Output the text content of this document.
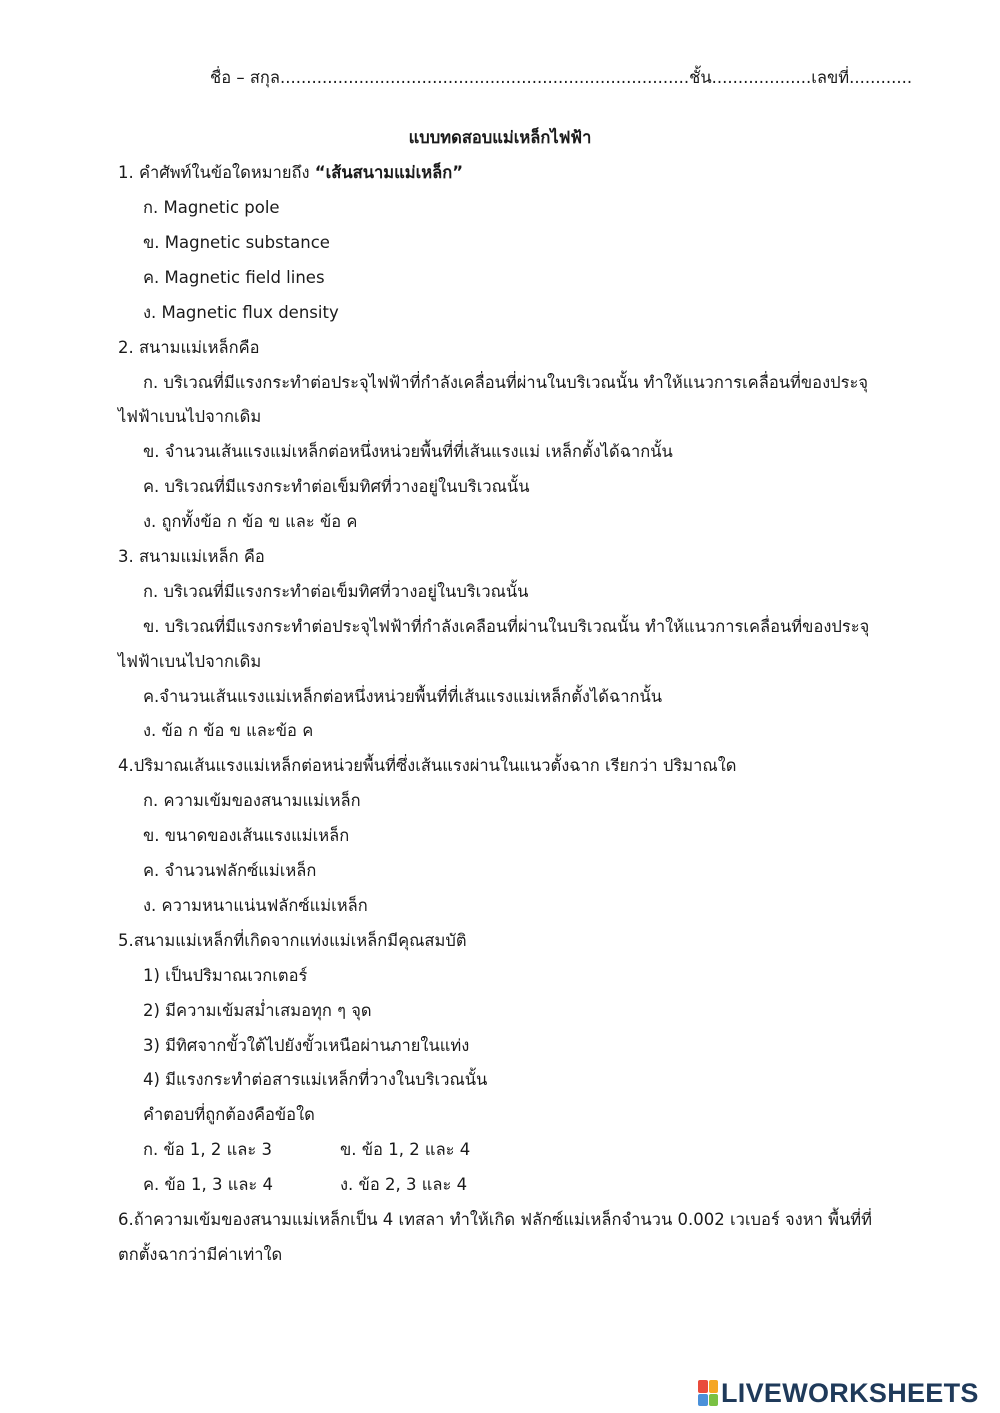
ชื่อ – สกุล..............................................................................ชั้น...................เลขที่............
แบบทดสอบแม่เหล็กไฟฟ้า
1. คำศัพท์ในข้อใดหมายถึง “เส้นสนามแม่เหล็ก”
ก. Magnetic pole
ข. Magnetic substance
ค. Magnetic field lines
ง. Magnetic flux density
2. สนามแม่เหล็กคือ
ก. บริเวณที่มีแรงกระทำต่อประจุไฟฟ้าที่กำลังเคลื่อนที่ผ่านในบริเวณนั้น ทำให้แนวการเคลื่อนที่ของประจุ
ไฟฟ้าเบนไปจากเดิม
ข. จำนวนเส้นแรงแม่เหล็กต่อหนึ่งหน่วยพื้นที่ที่เส้นแรงแม่ เหล็กตั้งได้ฉากนั้น
ค. บริเวณที่มีแรงกระทำต่อเข็มทิศที่วางอยู่ในบริเวณนั้น
ง. ถูกทั้งข้อ ก ข้อ ข และ ข้อ ค
3. สนามแม่เหล็ก คือ
ก. บริเวณที่มีแรงกระทำต่อเข็มทิศที่วางอยู่ในบริเวณนั้น
ข. บริเวณที่มีแรงกระทำต่อประจุไฟฟ้าที่กำลังเคลือนที่ผ่านในบริเวณนั้น ทำให้แนวการเคลื่อนที่ของประจุ
ไฟฟ้าเบนไปจากเดิม
ค.จำนวนเส้นแรงแม่เหล็กต่อหนึ่งหน่วยพื้นที่ที่เส้นแรงแม่เหล็กตั้งได้ฉากนั้น
ง. ข้อ ก ข้อ ข และข้อ ค
4.ปริมาณเส้นแรงแม่เหล็กต่อหน่วยพื้นที่ซึ่งเส้นแรงผ่านในแนวตั้งฉาก เรียกว่า ปริมาณใด
ก. ความเข้มของสนามแม่เหล็ก
ข. ขนาดของเส้นแรงแม่เหล็ก
ค. จำนวนฟลักซ์แม่เหล็ก
ง. ความหนาแน่นฟลักซ์แม่เหล็ก
5.สนามแม่เหล็กที่เกิดจากแท่งแม่เหล็กมีคุณสมบัติ
1) เป็นปริมาณเวกเตอร์
2) มีความเข้มสม่ำเสมอทุก ๆ จุด
3) มีทิศจากขั้วใต้ไปยังขั้วเหนือผ่านภายในแท่ง
4) มีแรงกระทำต่อสารแม่เหล็กที่วางในบริเวณนั้น
คำตอบที่ถูกต้องคือข้อใด
ก. ข้อ 1, 2 และ 3	ข. ข้อ 1, 2 และ 4
ค. ข้อ 1, 3 และ 4	ง. ข้อ 2, 3 และ 4
6.ถ้าความเข้มของสนามแม่เหล็กเป็น 4 เทสลา ทำให้เกิด ฟลักซ์แม่เหล็กจำนวน 0.002 เวเบอร์ จงหา พื้นที่ที่
ตกตั้งฉากว่ามีค่าเท่าใด
LIVEWORKSHEETS
